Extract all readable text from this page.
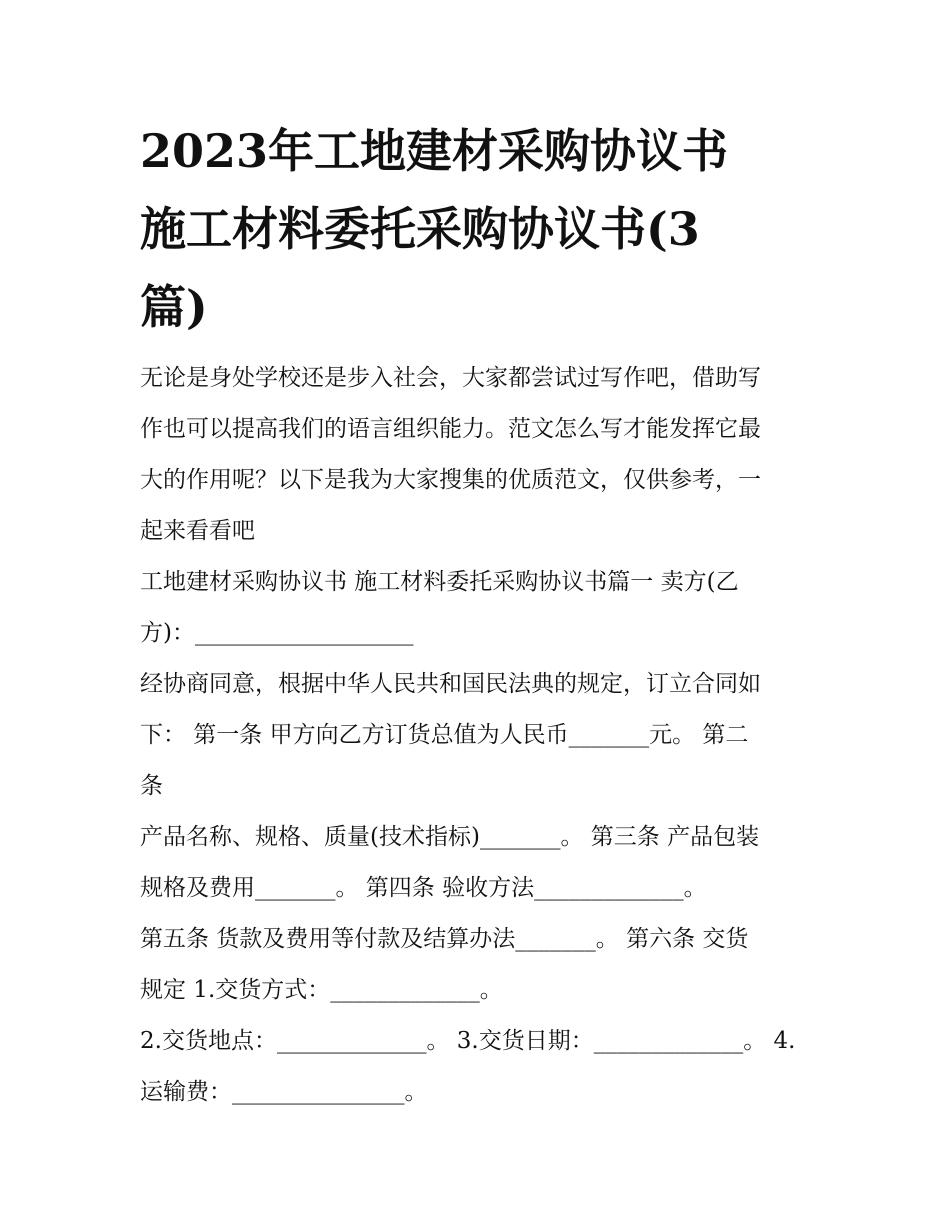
2023年工地建材采购协议书
施工材料委托采购协议书(3
篇)
无论是身处学校还是步入社会，大家都尝试过写作吧，借助写
作也可以提高我们的语言组织能力。范文怎么写才能发挥它最
大的作用呢？以下是我为大家搜集的优质范文，仅供参考，一
起来看看吧
工地建材采购协议书 施工材料委托采购协议书篇一 卖方(乙
方)：___________________
经协商同意，根据中华人民共和国民法典的规定，订立合同如
下： 第一条 甲方向乙方订货总值为人民币_______元。 第二
条
产品名称、规格、质量(技术指标)_______。 第三条 产品包装
规格及费用_______。 第四条 验收方法_____________。
第五条 货款及费用等付款及结算办法_______。 第六条 交货
规定 1.交货方式：_____________。
2.交货地点：_____________。 3.交货日期：_____________。 4.
运输费：_______________。
